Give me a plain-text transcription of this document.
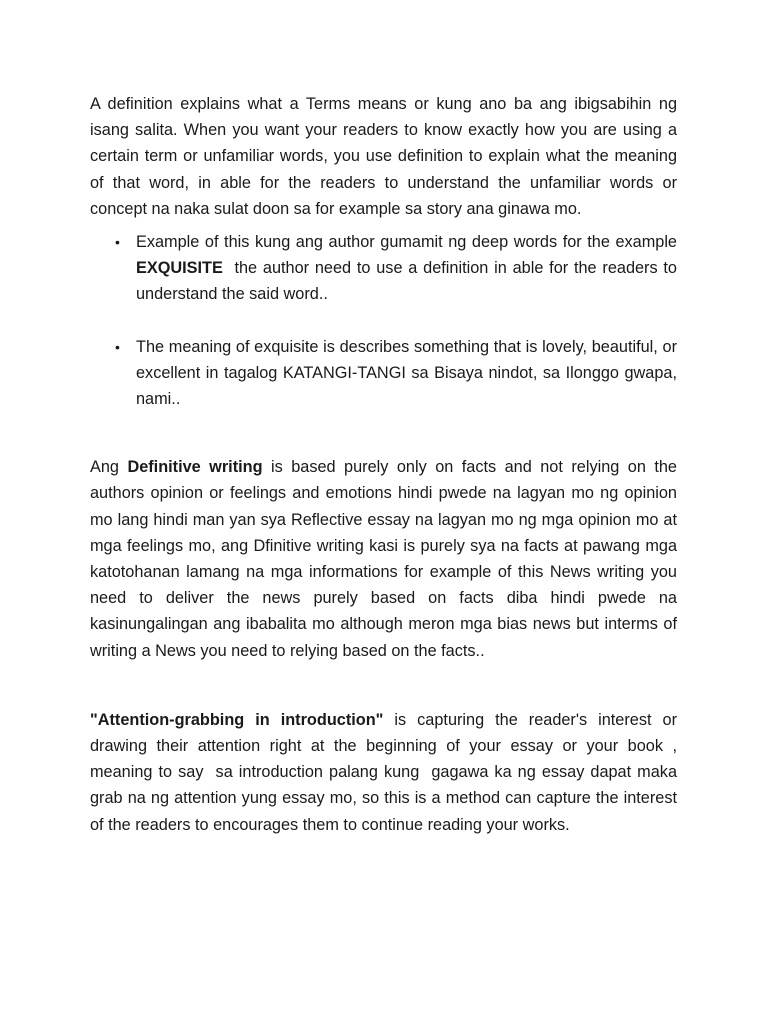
A definition explains what a Terms means or kung ano ba ang ibigsabihin ng isang salita. When you want your readers to know exactly how you are using a certain term or unfamiliar words, you use definition to explain what the meaning of that word, in able for the readers to understand the unfamiliar words or concept na naka sulat doon sa for example sa story ana ginawa mo.

• Example of this kung ang author gumamit ng deep words for the example EXQUISITE  the author need to use a definition in able for the readers to understand the said word..
• The meaning of exquisite is describes something that is lovely, beautiful, or excellent in tagalog KATANGI-TANGI sa Bisaya nindot, sa Ilonggo gwapa, nami..

Ang Definitive writing is based purely only on facts and not relying on the authors opinion or feelings and emotions hindi pwede na lagyan mo ng opinion mo lang hindi man yan sya Reflective essay na lagyan mo ng mga opinion mo at mga feelings mo, ang Dfinitive writing kasi is purely sya na facts at pawang mga katotohanan lamang na mga informations for example of this News writing you need to deliver the news purely based on facts diba hindi pwede na kasinungalingan ang ibabalita mo although meron mga bias news but interms of writing a News you need to relying based on the facts..

"Attention-grabbing in introduction" is capturing the reader's interest or drawing their attention right at the beginning of your essay or your book , meaning to say  sa introduction palang kung  gagawa ka ng essay dapat maka grab na ng attention yung essay mo, so this is a method can capture the interest of the readers to encourages them to continue reading your works.
